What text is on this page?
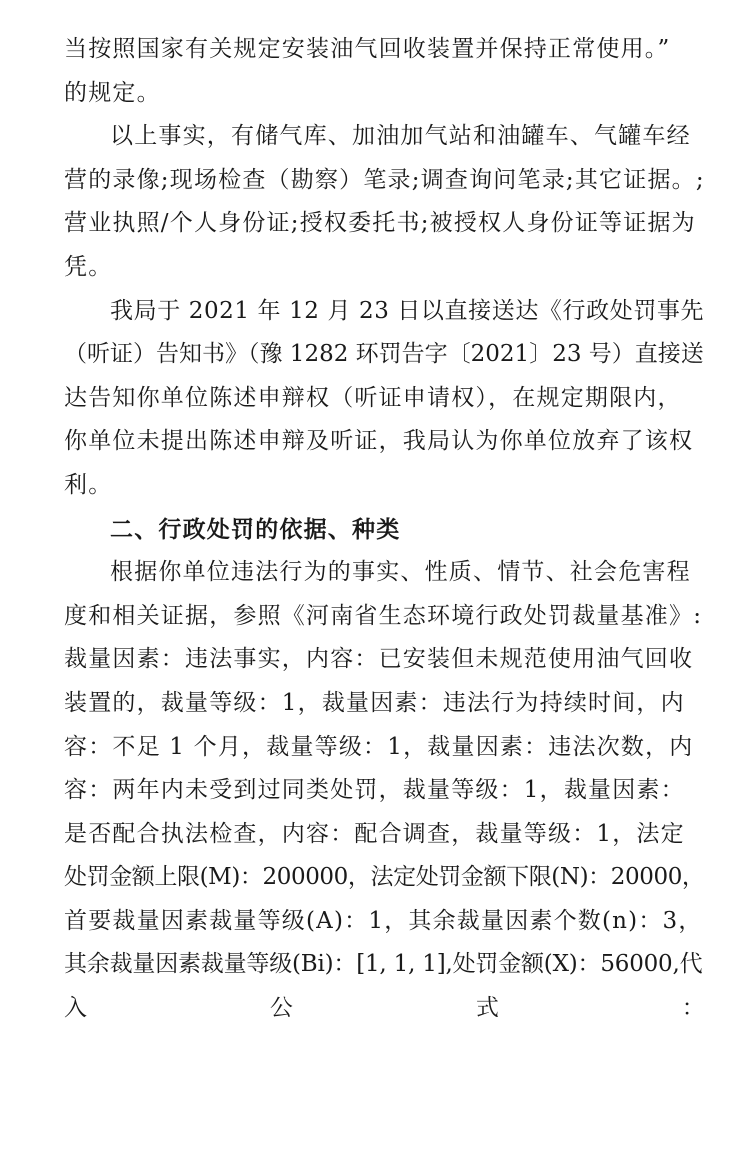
当按照国家有关规定安装油气回收装置并保持正常使用。”
的规定。
以上事实，有储气库、加油加气站和油罐车、气罐车经
营的录像;现场检查（勘察）笔录;调查询问笔录;其它证据。;
营业执照/个人身份证;授权委托书;被授权人身份证等证据为
凭。
我局于 2021 年 12 月 23 日以直接送达《行政处罚事先
（听证）告知书》（豫 1282 环罚告字〔2021〕23 号）直接送
达告知你单位陈述申辩权（听证申请权），在规定期限内，
你单位未提出陈述申辩及听证，我局认为你单位放弃了该权
利。
二、行政处罚的依据、种类
根据你单位违法行为的事实、性质、情节、社会危害程
度和相关证据，参照《河南省生态环境行政处罚裁量基准》:
裁量因素：违法事实，内容：已安装但未规范使用油气回收
装置的，裁量等级：1，裁量因素：违法行为持续时间，内
容：不足 1 个月，裁量等级：1，裁量因素：违法次数，内
容：两年内未受到过同类处罚，裁量等级：1，裁量因素：
是否配合执法检查，内容：配合调查，裁量等级：1，法定
处罚金额上限(M)：200000，法定处罚金额下限(N)：20000，
首要裁量因素裁量等级(A)：1，其余裁量因素个数(n)：3，
其余裁量因素裁量等级(Bi)：[1, 1, 1],处罚金额(X)：56000,代
入	公	式	：
